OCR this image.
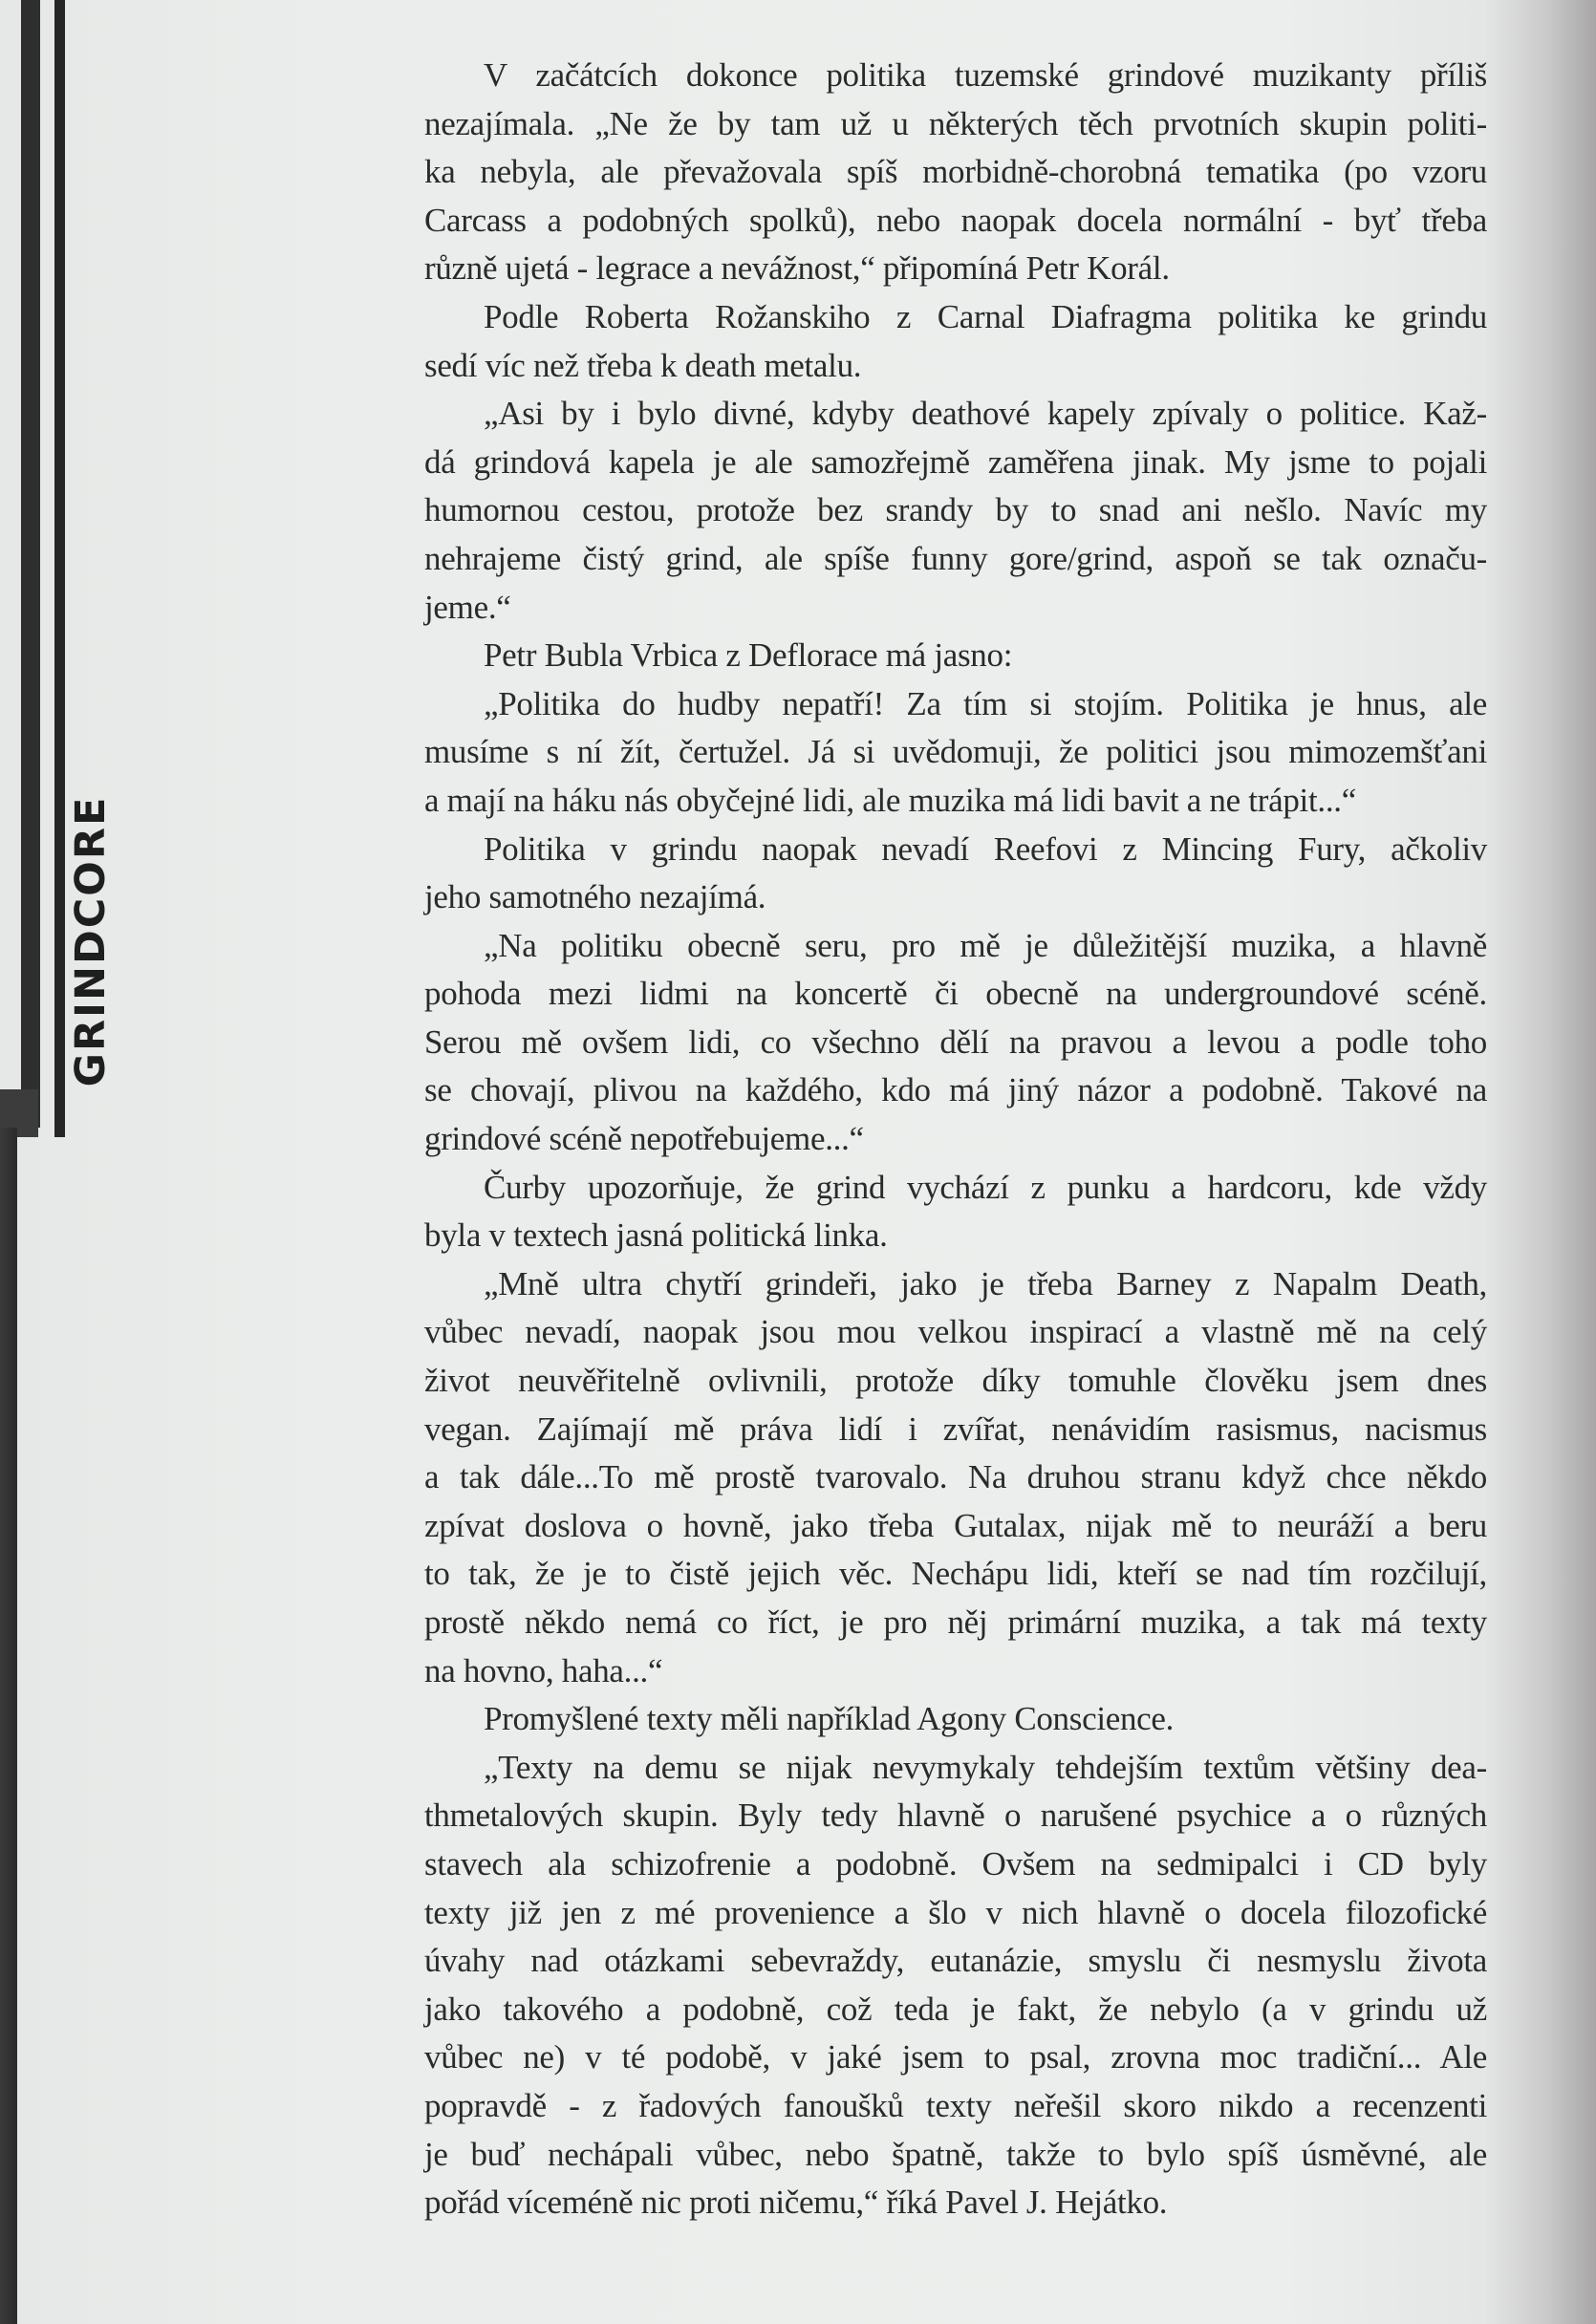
GRINDCORE
V začátcích dokonce politika tuzemské grindové muzikanty příliš
nezajímala. „Ne že by tam už u některých těch prvotních skupin politi-
ka nebyla, ale převažovala spíš morbidně-chorobná tematika (po vzoru
Carcass a podobných spolků), nebo naopak docela normální - byť třeba
různě ujetá - legrace a nevážnost,“ připomíná Petr Korál.
Podle Roberta Rožanskiho z Carnal Diafragma politika ke grindu
sedí víc než třeba k death metalu.
„Asi by i bylo divné, kdyby deathové kapely zpívaly o politice. Kaž-
dá grindová kapela je ale samozřejmě zaměřena jinak. My jsme to pojali
humornou cestou, protože bez srandy by to snad ani nešlo. Navíc my
nehrajeme čistý grind, ale spíše funny gore/grind, aspoň se tak označu-
jeme.“
Petr Bubla Vrbica z Deflorace má jasno:
„Politika do hudby nepatří! Za tím si stojím. Politika je hnus, ale
musíme s ní žít, čertužel. Já si uvědomuji, že politici jsou mimozemšťani
a mají na háku nás obyčejné lidi, ale muzika má lidi bavit a ne trápit...“
Politika v grindu naopak nevadí Reefovi z Mincing Fury, ačkoliv
jeho samotného nezajímá.
„Na politiku obecně seru, pro mě je důležitější muzika, a hlavně
pohoda mezi lidmi na koncertě či obecně na undergroundové scéně.
Serou mě ovšem lidi, co všechno dělí na pravou a levou a podle toho
se chovají, plivou na každého, kdo má jiný názor a podobně. Takové na
grindové scéně nepotřebujeme...“
Čurby upozorňuje, že grind vychází z punku a hardcoru, kde vždy
byla v textech jasná politická linka.
„Mně ultra chytří grindeři, jako je třeba Barney z Napalm Death,
vůbec nevadí, naopak jsou mou velkou inspirací a vlastně mě na celý
život neuvěřitelně ovlivnili, protože díky tomuhle člověku jsem dnes
vegan. Zajímají mě práva lidí i zvířat, nenávidím rasismus, nacismus
a tak dále...To mě prostě tvarovalo. Na druhou stranu když chce někdo
zpívat doslova o hovně, jako třeba Gutalax, nijak mě to neuráží a beru
to tak, že je to čistě jejich věc. Nechápu lidi, kteří se nad tím rozčilují,
prostě někdo nemá co říct, je pro něj primární muzika, a tak má texty
na hovno, haha...“
Promyšlené texty měli například Agony Conscience.
„Texty na demu se nijak nevymykaly tehdejším textům většiny dea-
thmetalových skupin. Byly tedy hlavně o narušené psychice a o různých
stavech ala schizofrenie a podobně. Ovšem na sedmipalci i CD byly
texty již jen z mé provenience a šlo v nich hlavně o docela filozofické
úvahy nad otázkami sebevraždy, eutanázie, smyslu či nesmyslu života
jako takového a podobně, což teda je fakt, že nebylo (a v grindu už
vůbec ne) v té podobě, v jaké jsem to psal, zrovna moc tradiční... Ale
popravdě - z řadových fanoušků texty neřešil skoro nikdo a recenzenti
je buď nechápali vůbec, nebo špatně, takže to bylo spíš úsměvné, ale
pořád víceméně nic proti ničemu,“ říká Pavel J. Hejátko.
